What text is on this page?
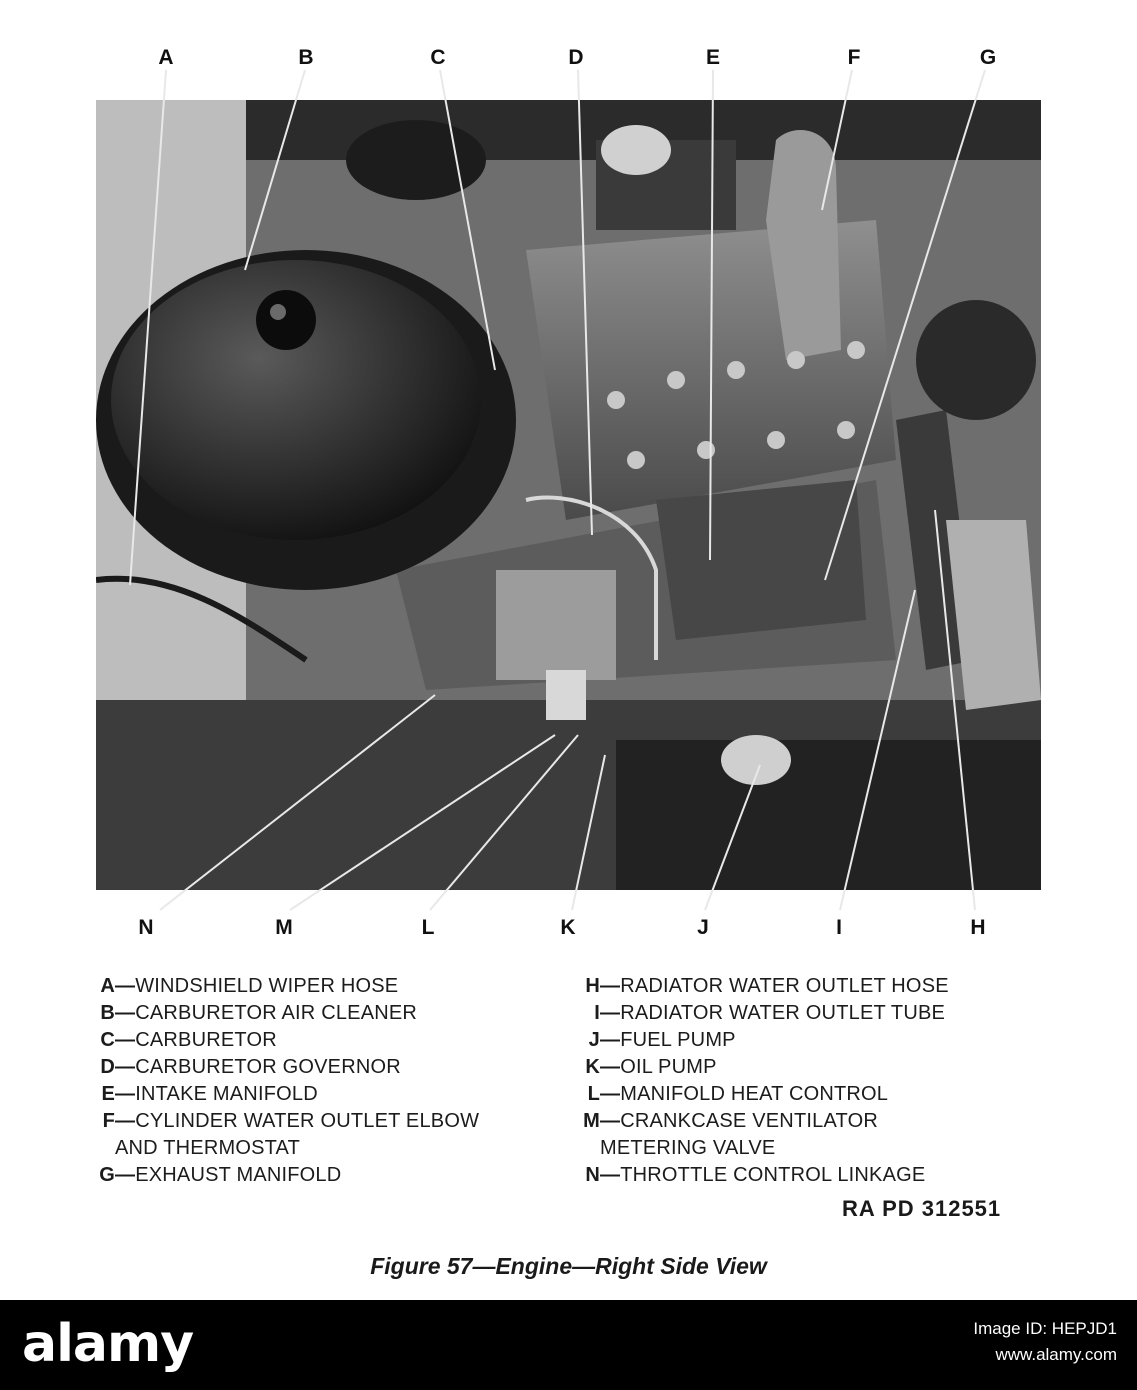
A	B	C	D	E	F	G
N	M	L	K	J	I	H
A—WINDSHIELD WIPER HOSE
B—CARBURETOR AIR CLEANER
C—CARBURETOR
D—CARBURETOR GOVERNOR
E—INTAKE MANIFOLD
F—CYLINDER WATER OUTLET ELBOW
AND THERMOSTAT
G—EXHAUST MANIFOLD
H—RADIATOR WATER OUTLET HOSE
I—RADIATOR WATER OUTLET TUBE
J—FUEL PUMP
K—OIL PUMP
L—MANIFOLD HEAT CONTROL
M—CRANKCASE VENTILATOR
METERING VALVE
N—THROTTLE CONTROL LINKAGE
RA PD 312551
Figure 57—Engine—Right Side View
alamy	Image ID: HEPJD1
www.alamy.com
